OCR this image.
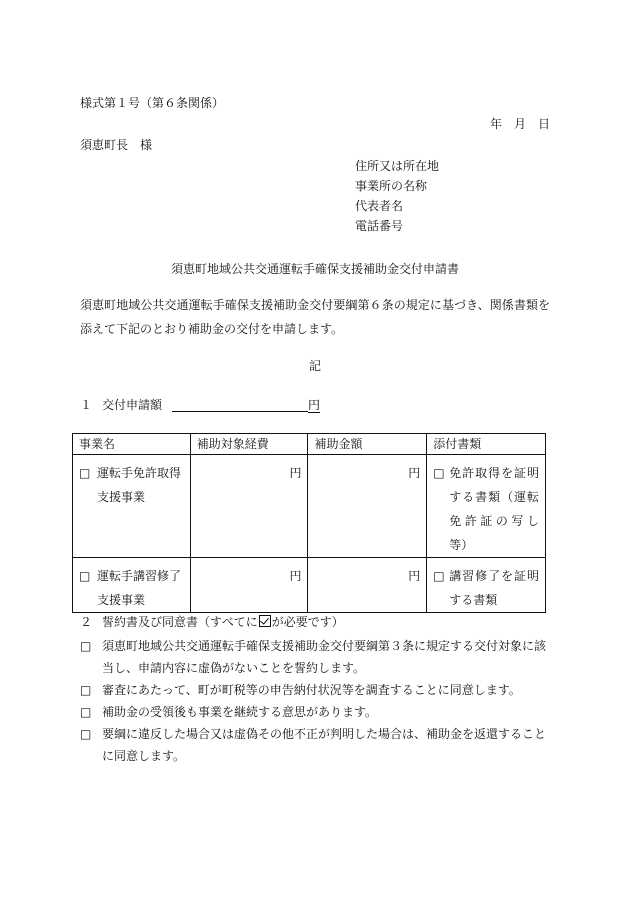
様式第１号（第６条関係）
年　月　日
須恵町長　様
住所又は所在地
事業所の名称
代表者名
電話番号
須恵町地域公共交通運転手確保支援補助金交付申請書
須恵町地域公共交通運転手確保支援補助金交付要綱第６条の規定に基づき、関係書類を添えて下記のとおり補助金の交付を申請します。
記
１ 交付申請額	円
事業名	補助対象経費	補助金額	添付書類

□ 運転手免許取得支援事業	円	円	□ 免許取得を証明する書類（運転免許証の写し等）

□ 運転手講習修了支援事業	円	円	□ 講習修了を証明する書類
２ 誓約書及び同意書（すべてに が必要です）
□ 須恵町地域公共交通運転手確保支援補助金交付要綱第３条に規定する交付対象に該当し、申請内容に虚偽がないことを誓約します。
□ 審査にあたって、町が町税等の申告納付状況等を調査することに同意します。
□ 補助金の受領後も事業を継続する意思があります。
□ 要綱に違反した場合又は虚偽その他不正が判明した場合は、補助金を返還することに同意します。
